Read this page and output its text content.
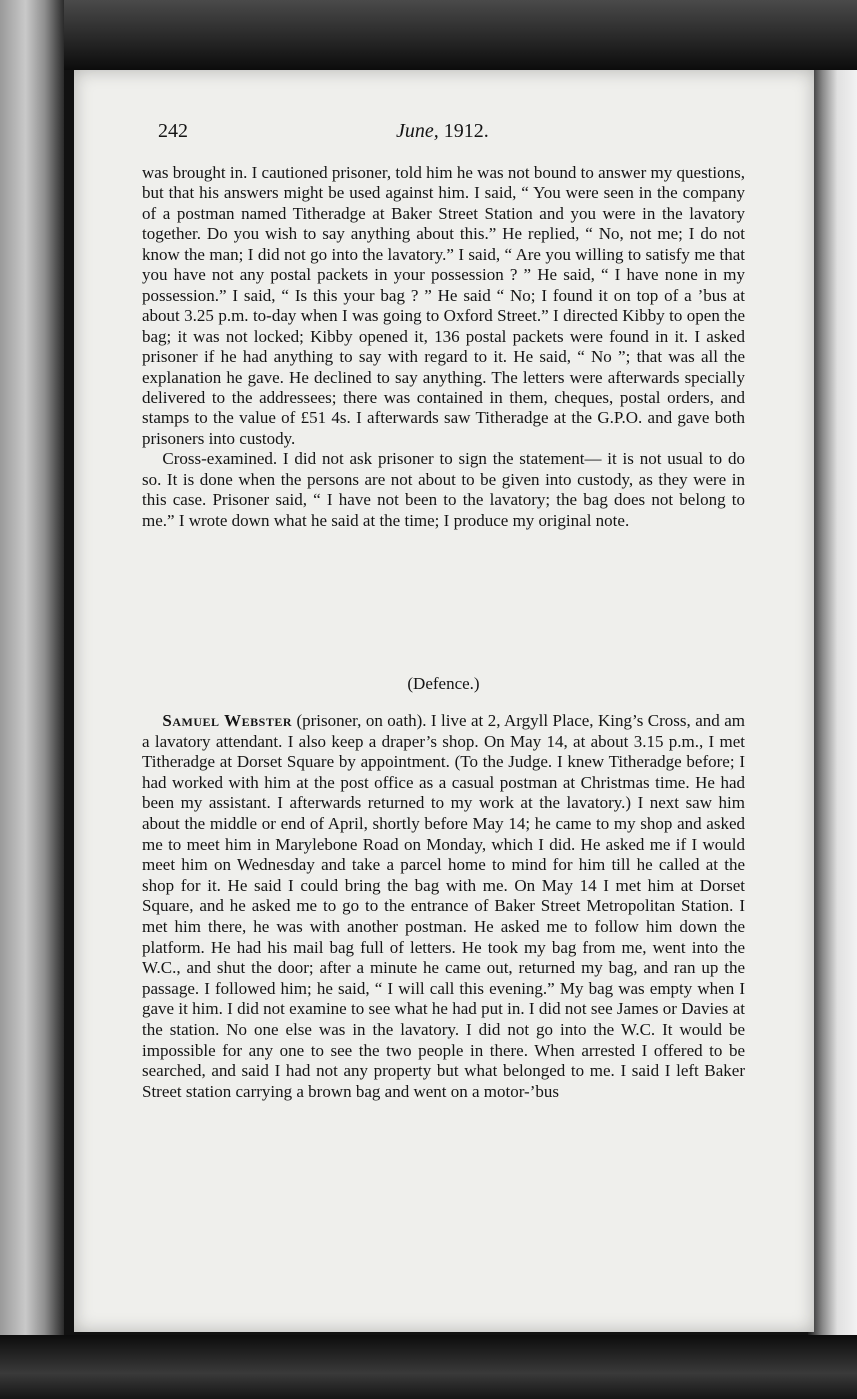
242	June, 1912.

was brought in. I cautioned prisoner, told him he was not bound to answer my questions, but that his answers might be used against him. I said, “ You were seen in the company of a postman named Titheradge at Baker Street Station and you were in the lavatory together. Do you wish to say anything about this.” He replied, “ No, not me; I do not know the man; I did not go into the lavatory.” I said, “ Are you willing to satisfy me that you have not any postal packets in your possession ? ” He said, “ I have none in my possession.” I said, “ Is this your bag ? ” He said “ No; I found it on top of a ’bus at about 3.25 p.m. to-day when I was going to Oxford Street.” I directed Kibby to open the bag; it was not locked; Kibby opened it, 136 postal packets were found in it. I asked prisoner if he had anything to say with regard to it. He said, “ No ”; that was all the explanation he gave. He declined to say anything. The letters were afterwards specially delivered to the addressees; there was contained in them, cheques, postal orders, and stamps to the value of £51 4s. I afterwards saw Titheradge at the G.P.O. and gave both prisoners into custody.

Cross-examined. I did not ask prisoner to sign the statement— it is not usual to do so. It is done when the persons are not about to be given into custody, as they were in this case. Prisoner said, “ I have not been to the lavatory; the bag does not belong to me.” I wrote down what he said at the time; I produce my original note.

(Defence.)

Samuel Webster (prisoner, on oath). I live at 2, Argyll Place, King’s Cross, and am a lavatory attendant. I also keep a draper’s shop. On May 14, at about 3.15 p.m., I met Titheradge at Dorset Square by appointment. (To the Judge. I knew Titheradge before; I had worked with him at the post office as a casual postman at Christmas time. He had been my assistant. I afterwards returned to my work at the lavatory.) I next saw him about the middle or end of April, shortly before May 14; he came to my shop and asked me to meet him in Marylebone Road on Monday, which I did. He asked me if I would meet him on Wednesday and take a parcel home to mind for him till he called at the shop for it. He said I could bring the bag with me. On May 14 I met him at Dorset Square, and he asked me to go to the entrance of Baker Street Metropolitan Station. I met him there, he was with another postman. He asked me to follow him down the platform. He had his mail bag full of letters. He took my bag from me, went into the W.C., and shut the door; after a minute he came out, returned my bag, and ran up the passage. I followed him; he said, “ I will call this evening.” My bag was empty when I gave it him. I did not examine to see what he had put in. I did not see James or Davies at the station. No one else was in the lavatory. I did not go into the W.C. It would be impossible for any one to see the two people in there. When arrested I offered to be searched, and said I had not any property but what belonged to me. I said I left Baker Street station carrying a brown bag and went on a motor-’bus
